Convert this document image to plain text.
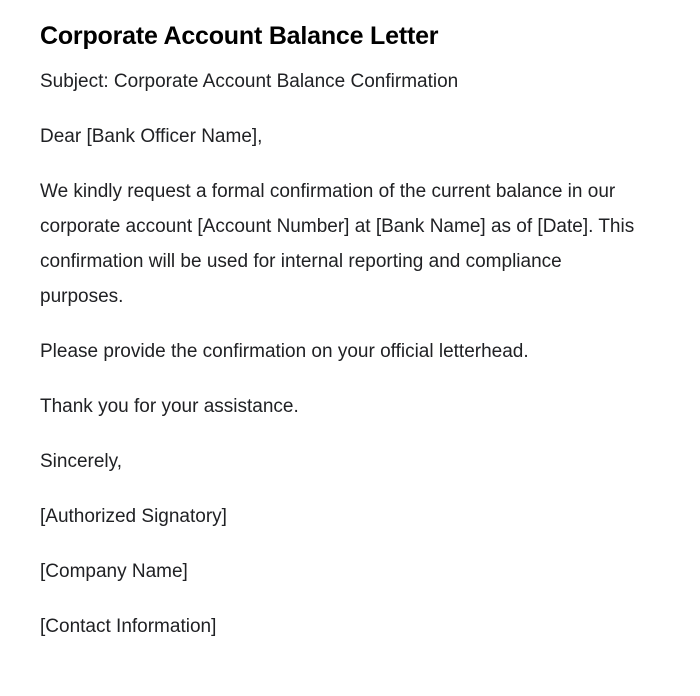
Corporate Account Balance Letter

Subject: Corporate Account Balance Confirmation

Dear [Bank Officer Name],

We kindly request a formal confirmation of the current balance in our corporate account [Account Number] at [Bank Name] as of [Date]. This confirmation will be used for internal reporting and compliance purposes.

Please provide the confirmation on your official letterhead.

Thank you for your assistance.

Sincerely,

[Authorized Signatory]

[Company Name]

[Contact Information]
